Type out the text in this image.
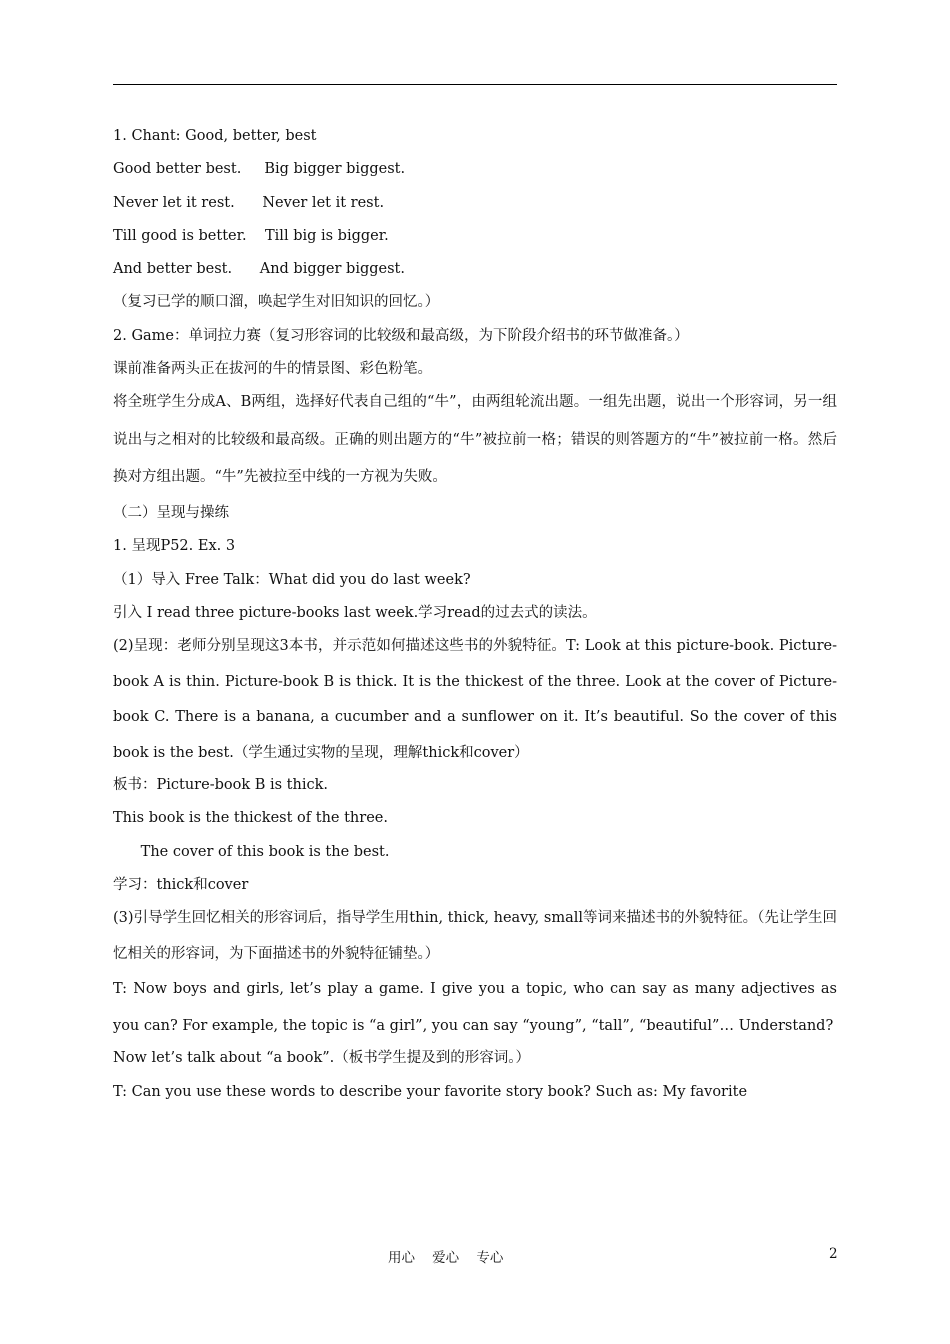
1. Chant: Good, better, best
Good better best.     Big bigger biggest.
Never let it rest.      Never let it rest.
Till good is better.    Till big is bigger.
And better best.      And bigger biggest.
（复习已学的顺口溜，唤起学生对旧知识的回忆。）
2. Game：单词拉力赛（复习形容词的比较级和最高级，为下阶段介绍书的环节做准备。）
课前准备两头正在拔河的牛的情景图、彩色粉笔。
将全班学生分成A、B两组，选择好代表自己组的“牛”，由两组轮流出题。一组先出题，说出一个形容词，另一组说出与之相对的比较级和最高级。正确的则出题方的“牛”被拉前一格；错误的则答题方的“牛”被拉前一格。然后换对方组出题。“牛”先被拉至中线的一方视为失败。
（二）呈现与操练
1. 呈现P52. Ex. 3
（1）导入 Free Talk：What did you do last week?
引入 I read three picture-books last week.学习read的过去式的读法。
(2)呈现：老师分别呈现这3本书，并示范如何描述这些书的外貌特征。T: Look at this picture-book. Picture-book A is thin. Picture-book B is thick. It is the thickest of the three. Look at the cover of Picture-book C. There is a banana, a cucumber and a sunflower on it. It’s beautiful. So the cover of this book is the best.（学生通过实物的呈现，理解thick和cover）
板书：Picture-book B is thick.
This book is the thickest of the three.
The cover of this book is the best.
学习：thick和cover
(3)引导学生回忆相关的形容词后，指导学生用thin, thick, heavy, small等词来描述书的外貌特征。（先让学生回忆相关的形容词，为下面描述书的外貌特征铺垫。）
T: Now boys and girls, let’s play a game. I give you a topic, who can say as many adjectives as you can? For example, the topic is “a girl”, you can say “young”, “tall”, “beautiful”… Understand?
Now let’s talk about “a book”.（板书学生提及到的形容词。）
T: Can you use these words to describe your favorite story book? Such as: My favorite
用心    爱心    专心	2
